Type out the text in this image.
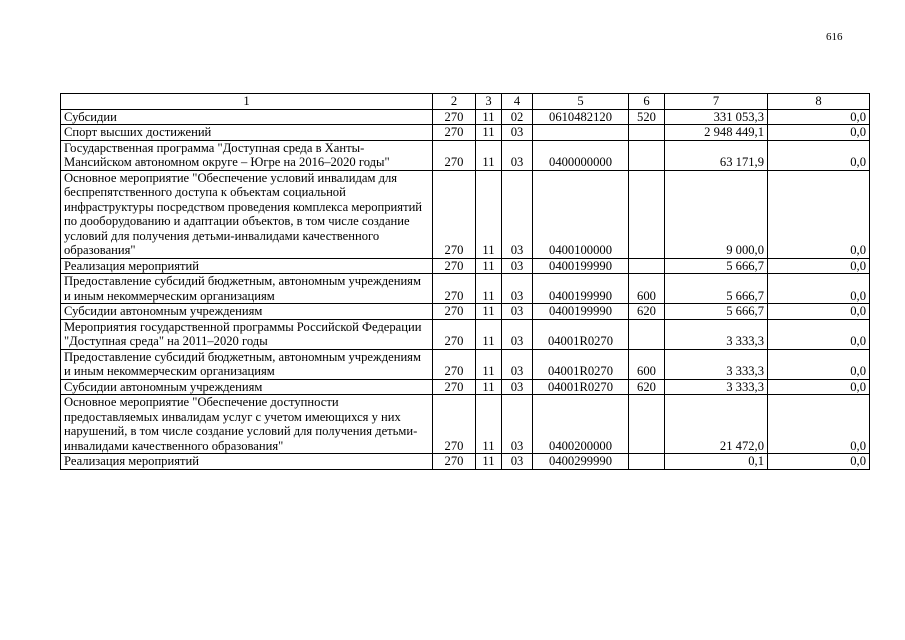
616
1	2	3	4	5	6	7	8
Субсидии	270	11	02	0610482120	520	331 053,3	0,0
Спорт высших достижений	270	11	03			2 948 449,1	0,0
Государственная программа "Доступная среда в Ханты-Мансийском автономном округе – Югре на 2016–2020 годы"	270	11	03	0400000000		63 171,9	0,0
Основное мероприятие "Обеспечение условий инвалидам для беспрепятственного доступа к объектам социальной инфраструктуры посредством проведения комплекса мероприятий по дооборудованию и адаптации объектов, в том числе создание условий для получения детьми-инвалидами качественного образования"	270	11	03	0400100000		9 000,0	0,0
Реализация мероприятий	270	11	03	0400199990		5 666,7	0,0
Предоставление субсидий бюджетным, автономным учреждениям и иным некоммерческим организациям	270	11	03	0400199990	600	5 666,7	0,0
Субсидии автономным учреждениям	270	11	03	0400199990	620	5 666,7	0,0
Мероприятия государственной программы Российской Федерации "Доступная среда" на 2011–2020 годы	270	11	03	04001R0270		3 333,3	0,0
Предоставление субсидий бюджетным, автономным учреждениям и иным некоммерческим организациям	270	11	03	04001R0270	600	3 333,3	0,0
Субсидии автономным учреждениям	270	11	03	04001R0270	620	3 333,3	0,0
Основное мероприятие "Обеспечение доступности предоставляемых инвалидам услуг с учетом имеющихся у них нарушений, в том числе создание условий для получения детьми-инвалидами качественного образования"	270	11	03	0400200000		21 472,0	0,0
Реализация мероприятий	270	11	03	0400299990		0,1	0,0
